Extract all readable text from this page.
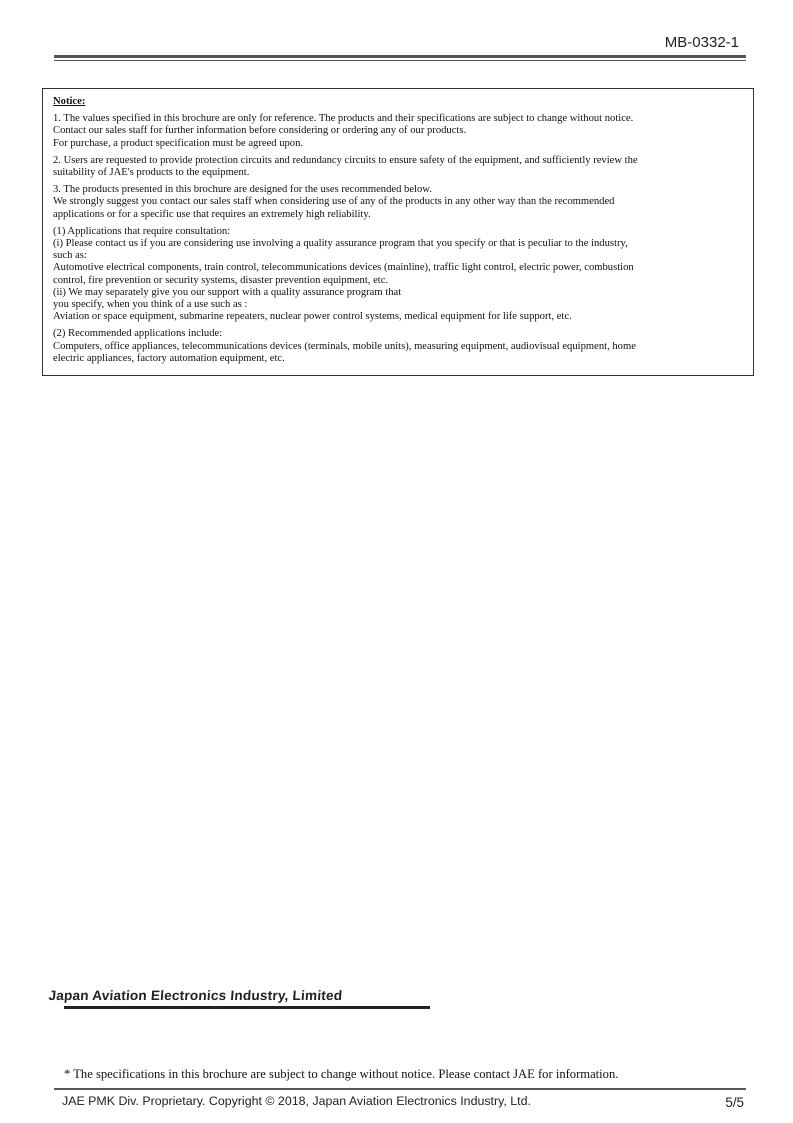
MB-0332-1
Notice:
1. The values specified in this brochure are only for reference. The products and their specifications are subject to change without notice.
Contact our sales staff for further information before considering or ordering any of our products.
For purchase, a product specification must be agreed upon.
2. Users are requested to provide protection circuits and redundancy circuits to ensure safety of the equipment, and sufficiently review the
suitability of JAE's products to the equipment.
3. The products presented in this brochure are designed for the uses recommended below.
We strongly suggest you contact our sales staff when considering use of any of the products in any other way than the recommended
applications or for a specific use that requires an extremely high reliability.
(1) Applications that require consultation:
(i) Please contact us if you are considering use involving a quality assurance program that you specify or that is peculiar to the industry,
such as:
Automotive electrical components, train control, telecommunications devices (mainline), traffic light control, electric power, combustion
control, fire prevention or security systems, disaster prevention equipment, etc.
(ii) We may separately give you our support with a quality assurance program that
you specify, when you think of a use such as :
Aviation or space equipment, submarine repeaters, nuclear power control systems, medical equipment for life support, etc.
(2) Recommended applications include:
Computers, office appliances, telecommunications devices (terminals, mobile units), measuring equipment, audiovisual equipment, home
electric appliances, factory automation equipment, etc.
Japan Aviation Electronics Industry, Limited
* The specifications in this brochure are subject to change without notice. Please contact JAE for information.
JAE PMK Div. Proprietary. Copyright © 2018, Japan Aviation Electronics Industry, Ltd.	5/5
